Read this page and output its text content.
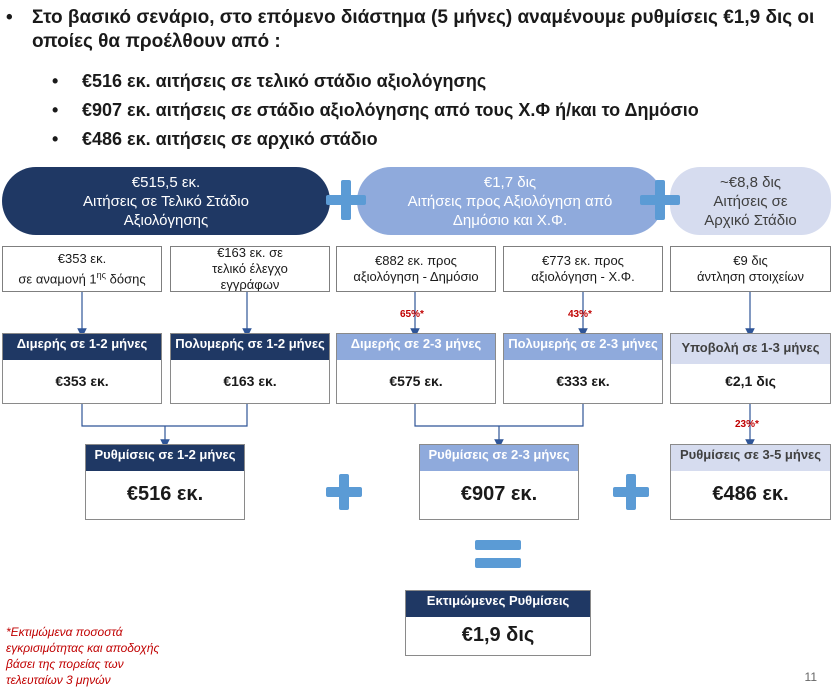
• Στο βασικό σενάριο, στο επόμενο διάστημα (5 μήνες) αναμένουμε ρυθμίσεις €1,9 δις οι οποίες θα προέλθουν από :
• €516 εκ. αιτήσεις σε τελικό στάδιο αξιολόγησης
• €907 εκ. αιτήσεις σε στάδιο αξιολόγησης από τους Χ.Φ ή/και το Δημόσιο
• €486 εκ. αιτήσεις σε αρχικό στάδιο
€515,5 εκ.
Αιτήσεις σε Τελικό Στάδιο
Αξιολόγησης
€1,7 δις
Αιτήσεις προς Αξιολόγηση από
Δημόσιο και Χ.Φ.
~€8,8 δις
Αιτήσεις σε
Αρχικό Στάδιο
€353 εκ.
σε αναμονή $1^{\eta\varsigma}$ δόσης
€163 εκ. σε
τελικό έλεγχο
εγγράφων
€882 εκ. προς
αξιολόγηση - Δημόσιο
€773 εκ. προς
αξιολόγηση - Χ.Φ.
€9 δις
άντληση στοιχείων
65%*	43%*
23%*
Διμερής σε 1-2 μήνες
€353 εκ.
Πολυμερής σε 1-2 μήνες
€163 εκ.
Διμερής σε 2-3 μήνες
€575 εκ.
Πολυμερής σε 2-3 μήνες
€333 εκ.
Υποβολή σε 1-3 μήνες
€2,1 δις
Ρυθμίσεις σε 1-2 μήνες
€516 εκ.
Ρυθμίσεις σε 2-3 μήνες
€907 εκ.
Ρυθμίσεις σε 3-5 μήνες
€486 εκ.
Εκτιμώμενες Ρυθμίσεις
€1,9 δις
*Εκτιμώμενα ποσοστά
εγκρισιμότητας και αποδοχής
βάσει της πορείας των
τελευταίων 3 μηνών	11
